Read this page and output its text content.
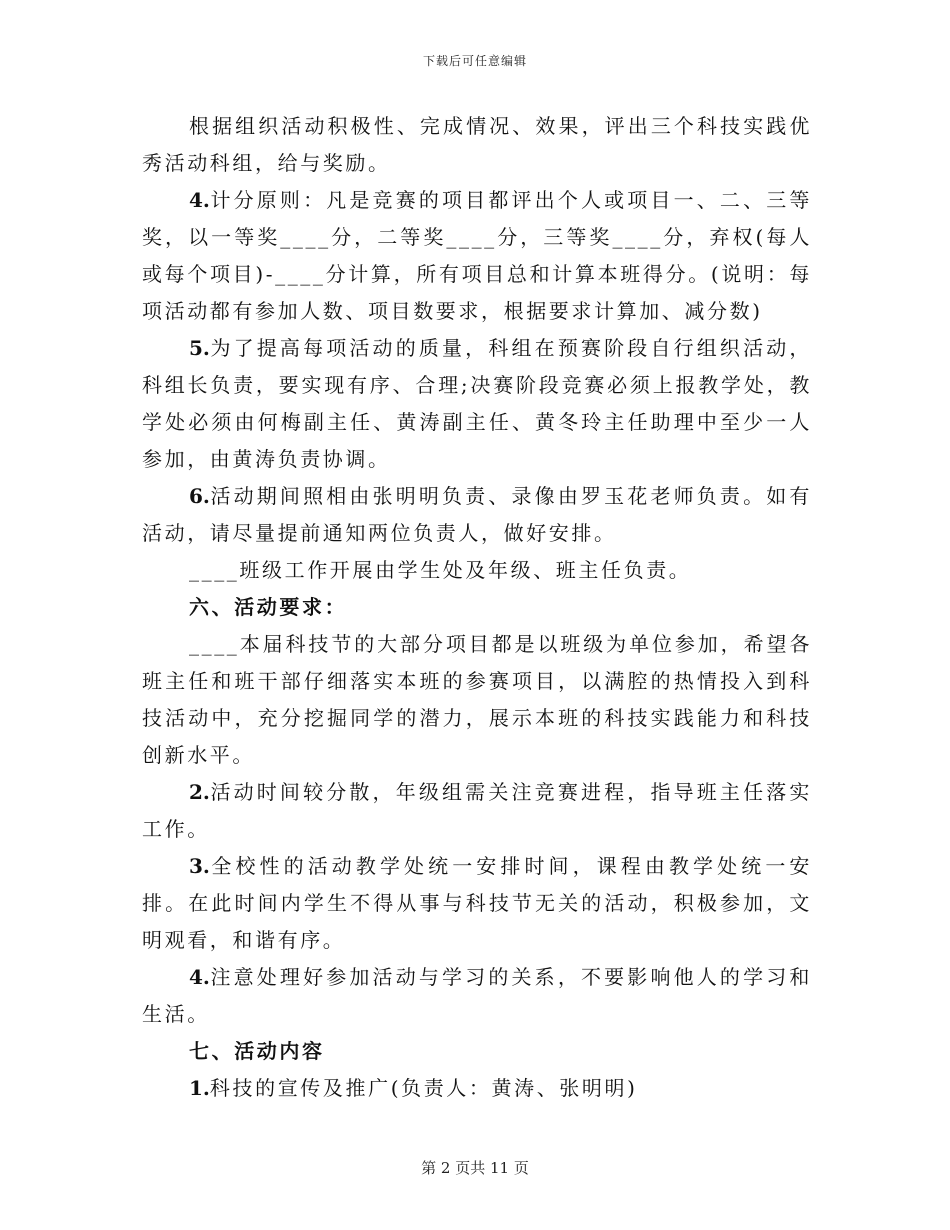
下载后可任意编辑

根据组织活动积极性、完成情况、效果，评出三个科技实践优秀活动科组，给与奖励。

4.计分原则：凡是竞赛的项目都评出个人或项目一、二、三等奖，以一等奖____分，二等奖____分，三等奖____分，弃权(每人或每个项目)-____分计算，所有项目总和计算本班得分。(说明：每项活动都有参加人数、项目数要求，根据要求计算加、减分数)

5.为了提高每项活动的质量，科组在预赛阶段自行组织活动，科组长负责，要实现有序、合理;决赛阶段竞赛必须上报教学处，教学处必须由何梅副主任、黄涛副主任、黄冬玲主任助理中至少一人参加，由黄涛负责协调。

6.活动期间照相由张明明负责、录像由罗玉花老师负责。如有活动，请尽量提前通知两位负责人，做好安排。

____班级工作开展由学生处及年级、班主任负责。

六、活动要求：

____本届科技节的大部分项目都是以班级为单位参加，希望各班主任和班干部仔细落实本班的参赛项目，以满腔的热情投入到科技活动中，充分挖掘同学的潜力，展示本班的科技实践能力和科技创新水平。

2.活动时间较分散，年级组需关注竞赛进程，指导班主任落实工作。

3.全校性的活动教学处统一安排时间，课程由教学处统一安排。在此时间内学生不得从事与科技节无关的活动，积极参加，文明观看，和谐有序。

4.注意处理好参加活动与学习的关系，不要影响他人的学习和生活。

七、活动内容

1.科技的宣传及推广(负责人：黄涛、张明明)

第 2 页共 11 页
